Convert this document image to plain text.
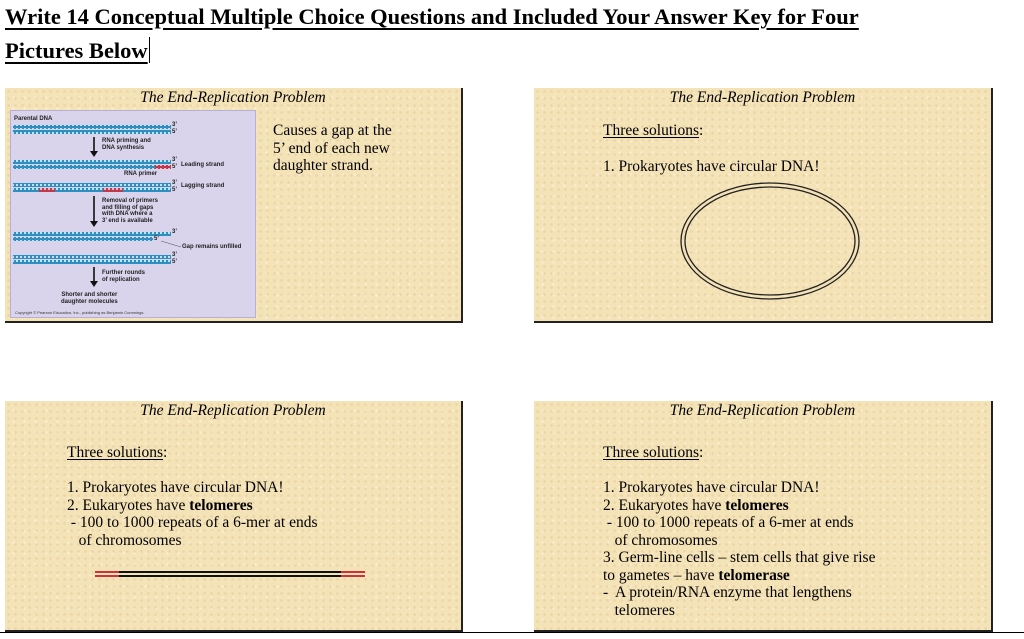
Write 14 Conceptual Multiple Choice Questions and Included Your Answer Key for Four
Pictures Below
The End-Replication Problem
Parental DNA
3’
5’
RNA priming and
DNA synthesis
3’
5’ Leading strand
RNA primer
3’
5’
Lagging strand
Removal of primers
and filling of gaps
with DNA where a
3’ end is available
3’
5’
Gap remains unfilled
3’
5’
Further rounds
of replication
Shorter and shorter
daughter molecules
Copyright © Pearson Education, Inc., publishing as Benjamin Cummings.
Causes a gap at the
5’ end of each new
daughter strand.
The End-Replication Problem
Three solutions:
1. Prokaryotes have circular DNA!
The End-Replication Problem
Three solutions:
1. Prokaryotes have circular DNA!
2. Eukaryotes have telomeres
- 100 to 1000 repeats of a 6-mer at ends
of chromosomes
The End-Replication Problem
Three solutions:
1. Prokaryotes have circular DNA!
2. Eukaryotes have telomeres
- 100 to 1000 repeats of a 6-mer at ends
of chromosomes
3. Germ-line cells – stem cells that give rise
to gametes – have telomerase
-  A protein/RNA enzyme that lengthens
telomeres
